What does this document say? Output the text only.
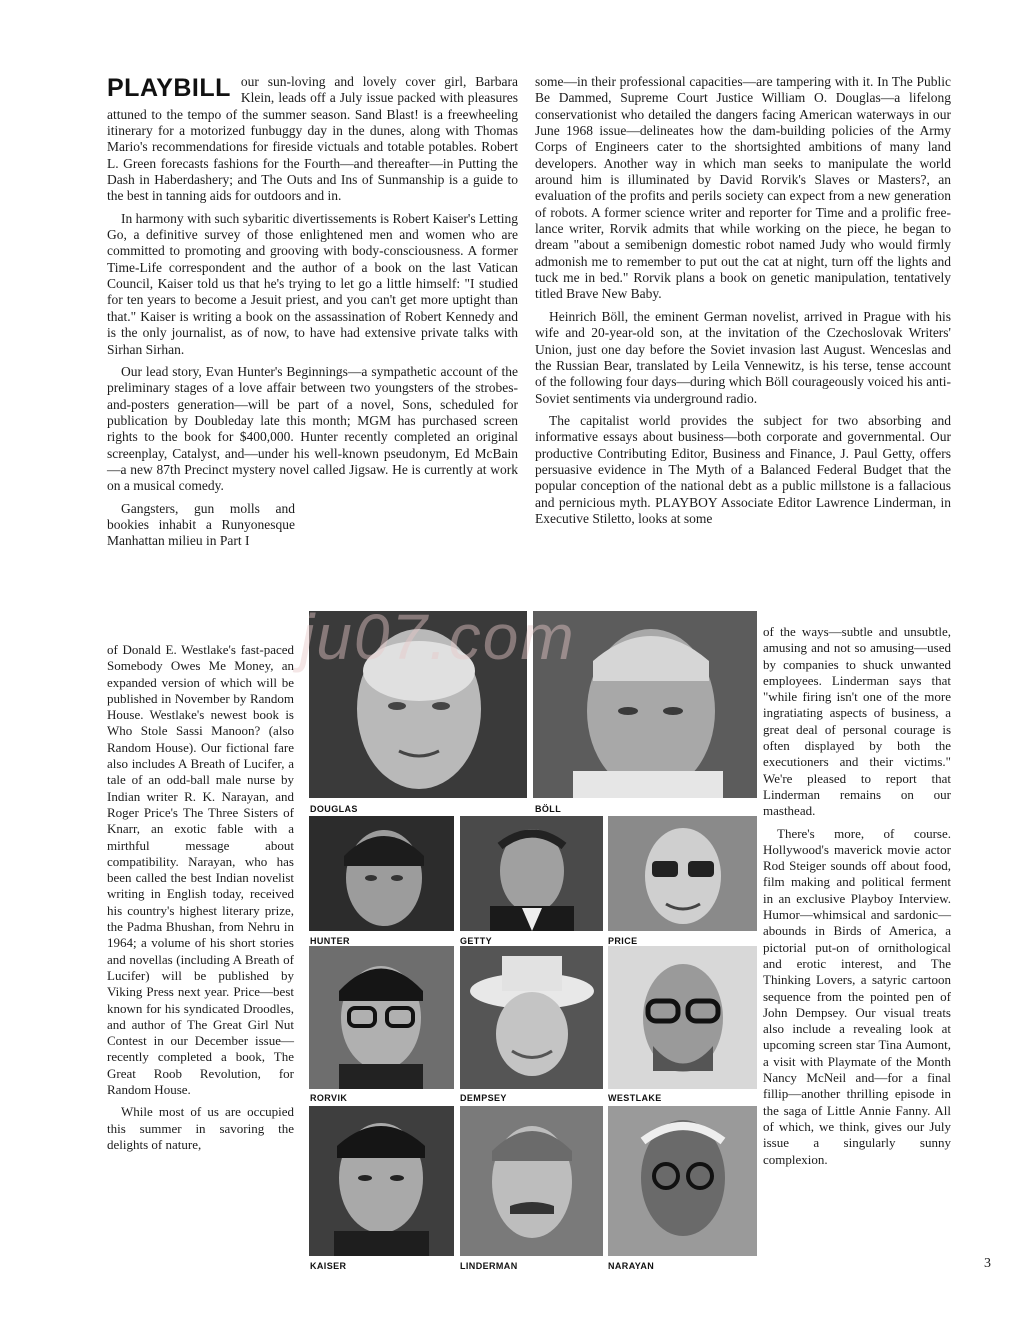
PLAYBILL our sun-loving and lovely cover girl, Barbara Klein, leads off a July issue packed with pleasures attuned to the tempo of the summer season. Sand Blast! is a freewheeling itinerary for a motorized funbuggy day in the dunes, along with Thomas Mario's recommendations for fireside victuals and totable potables. Robert L. Green forecasts fashions for the Fourth—and thereafter—in Putting the Dash in Haberdashery; and The Outs and Ins of Sunmanship is a guide to the best in tanning aids for outdoors and in.

In harmony with such sybaritic divertissements is Robert Kaiser's Letting Go, a definitive survey of those enlightened men and women who are committed to promoting and grooving with body-consciousness. A former Time-Life correspondent and the author of a book on the last Vatican Council, Kaiser told us that he's trying to let go a little himself: "I studied for ten years to become a Jesuit priest, and you can't get more uptight than that." Kaiser is writing a book on the assassination of Robert Kennedy and is the only journalist, as of now, to have had extensive private talks with Sirhan Sirhan.

Our lead story, Evan Hunter's Beginnings—a sympathetic account of the preliminary stages of a love affair between two youngsters of the strobes-and-posters generation—will be part of a novel, Sons, scheduled for publication by Doubleday late this month; MGM has purchased screen rights to the book for $400,000. Hunter recently completed an original screenplay, Catalyst, and—under his well-known pseudonym, Ed McBain—a new 87th Precinct mystery novel called Jigsaw. He is currently at work on a musical comedy.

Gangsters, gun molls and bookies inhabit a Runyonesque Manhattan milieu in Part I

of Donald E. Westlake's fast-paced Somebody Owes Me Money, an expanded version of which will be published in November by Random House. Westlake's newest book is Who Stole Sassi Manoon? (also Random House). Our fictional fare also includes A Breath of Lucifer, a tale of an odd-ball male nurse by Indian writer R. K. Narayan, and Roger Price's The Three Sisters of Knarr, an exotic fable with a mirthful message about compatibility. Narayan, who has been called the best Indian novelist writing in English today, received his country's highest literary prize, the Padma Bhushan, from Nehru in 1964; a volume of his short stories and novellas (including A Breath of Lucifer) will be published by Viking Press next year. Price—best known for his syndicated Droodles, and author of The Great Girl Nut Contest in our December issue—recently completed a book, The Great Roob Revolution, for Random House.

While most of us are occupied this summer in savoring the delights of nature,

some—in their professional capacities—are tampering with it. In The Public Be Dammed, Supreme Court Justice William O. Douglas—a lifelong conservationist who detailed the dangers facing American waterways in our June 1968 issue—delineates how the dam-building policies of the Army Corps of Engineers cater to the shortsighted ambitions of many land developers. Another way in which man seeks to manipulate the world around him is illuminated by David Rorvik's Slaves or Masters?, an evaluation of the profits and perils society can expect from a new generation of robots. A former science writer and reporter for Time and a prolific free-lance writer, Rorvik admits that while working on the piece, he began to dream "about a semibenign domestic robot named Judy who would firmly admonish me to remember to put out the cat at night, turn off the lights and tuck me in bed." Rorvik plans a book on genetic manipulation, tentatively titled Brave New Baby.

Heinrich Böll, the eminent German novelist, arrived in Prague with his wife and 20-year-old son, at the invitation of the Czechoslovak Writers' Union, just one day before the Soviet invasion last August. Wenceslas and the Russian Bear, translated by Leila Vennewitz, is his terse, tense account of the following four days—during which Böll courageously voiced his anti-Soviet sentiments via underground radio.

The capitalist world provides the subject for two absorbing and informative essays about business—both corporate and governmental. Our productive Contributing Editor, Business and Finance, J. Paul Getty, offers persuasive evidence in The Myth of a Balanced Federal Budget that the popular conception of the national debt as a public millstone is a fallacious and pernicious myth. PLAYBOY Associate Editor Lawrence Linderman, in Executive Stiletto, looks at some

of the ways—subtle and unsubtle, amusing and not so amusing—used by companies to shuck unwanted employees. Linderman says that "while firing isn't one of the more ingratiating aspects of business, a great deal of personal courage is often displayed by both the executioners and their victims." We're pleased to report that Linderman remains on our masthead.

There's more, of course. Hollywood's maverick movie actor Rod Steiger sounds off about food, film making and political ferment in an exclusive Playboy Interview. Humor—whimsical and sardonic—abounds in Birds of America, a pictorial put-on of ornithological and erotic interest, and The Thinking Lovers, a satyric cartoon sequence from the pointed pen of John Dempsey. Our visual treats also include a revealing look at upcoming screen star Tina Aumont, a visit with Playmate of the Month Nancy McNeil and—for a final fillip—another thrilling episode in the saga of Little Annie Fanny. All of which, we think, gives our July issue a singularly sunny complexion.

DOUGLAS	BÖLL
HUNTER	GETTY	PRICE
RORVIK	DEMPSEY	WESTLAKE
KAISER	LINDERMAN	NARAYAN
ju07.com
3
